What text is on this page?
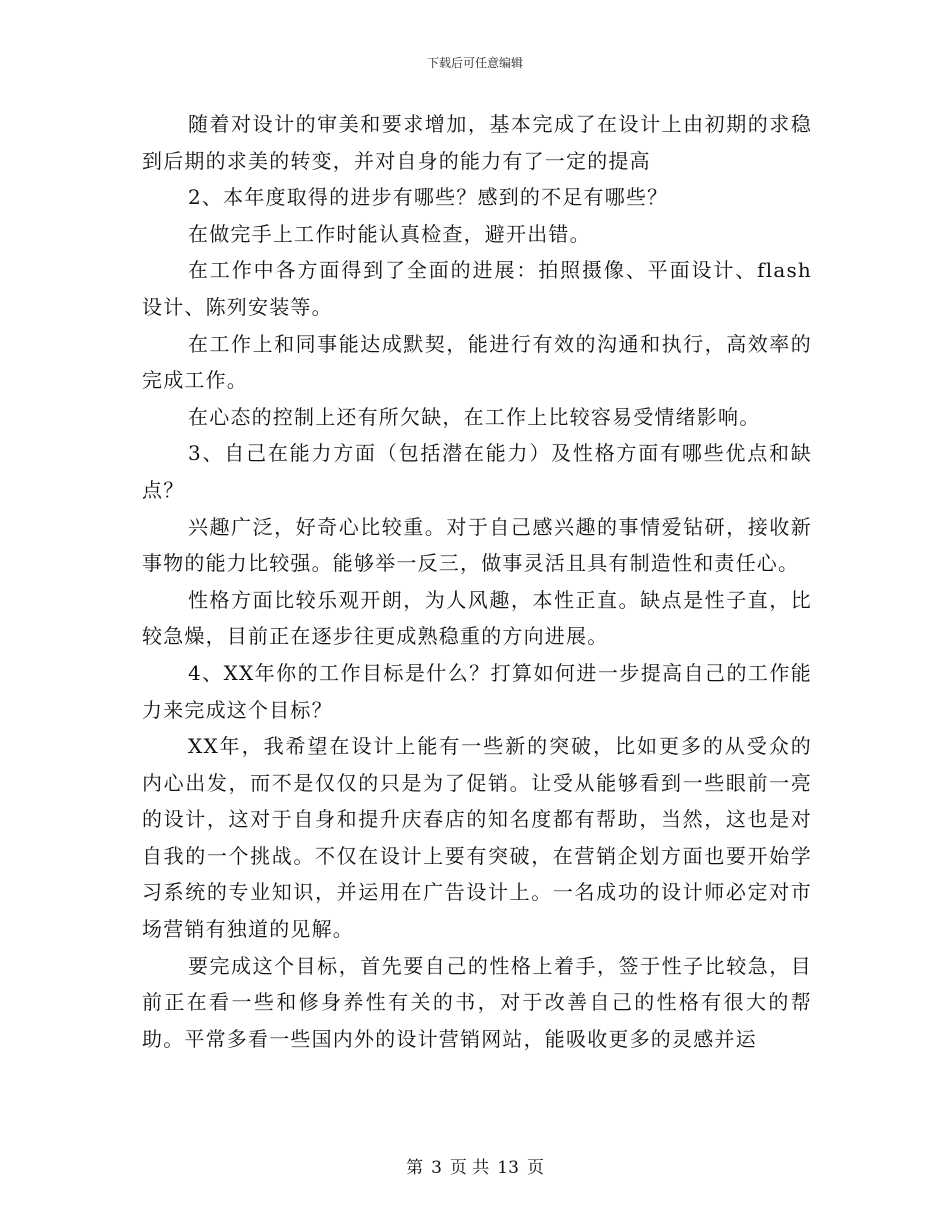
下载后可任意编辑

随着对设计的审美和要求增加，基本完成了在设计上由初期的求稳到后期的求美的转变，并对自身的能力有了一定的提高

2、本年度取得的进步有哪些？感到的不足有哪些？

在做完手上工作时能认真检查，避开出错。

在工作中各方面得到了全面的进展：拍照摄像、平面设计、flash设计、陈列安装等。

在工作上和同事能达成默契，能进行有效的沟通和执行，高效率的完成工作。

在心态的控制上还有所欠缺，在工作上比较容易受情绪影响。

3、自己在能力方面（包括潜在能力）及性格方面有哪些优点和缺点？

兴趣广泛，好奇心比较重。对于自己感兴趣的事情爱钻研，接收新事物的能力比较强。能够举一反三，做事灵活且具有制造性和责任心。

性格方面比较乐观开朗，为人风趣，本性正直。缺点是性子直，比较急燥，目前正在逐步往更成熟稳重的方向进展。

4、XX年你的工作目标是什么？打算如何进一步提高自己的工作能力来完成这个目标？

XX年，我希望在设计上能有一些新的突破，比如更多的从受众的内心出发，而不是仅仅的只是为了促销。让受从能够看到一些眼前一亮的设计，这对于自身和提升庆春店的知名度都有帮助，当然，这也是对自我的一个挑战。不仅在设计上要有突破，在营销企划方面也要开始学习系统的专业知识，并运用在广告设计上。一名成功的设计师必定对市场营销有独道的见解。

要完成这个目标，首先要自己的性格上着手，签于性子比较急，目前正在看一些和修身养性有关的书，对于改善自己的性格有很大的帮助。平常多看一些国内外的设计营销网站，能吸收更多的灵感并运

第 3 页 共 13 页
